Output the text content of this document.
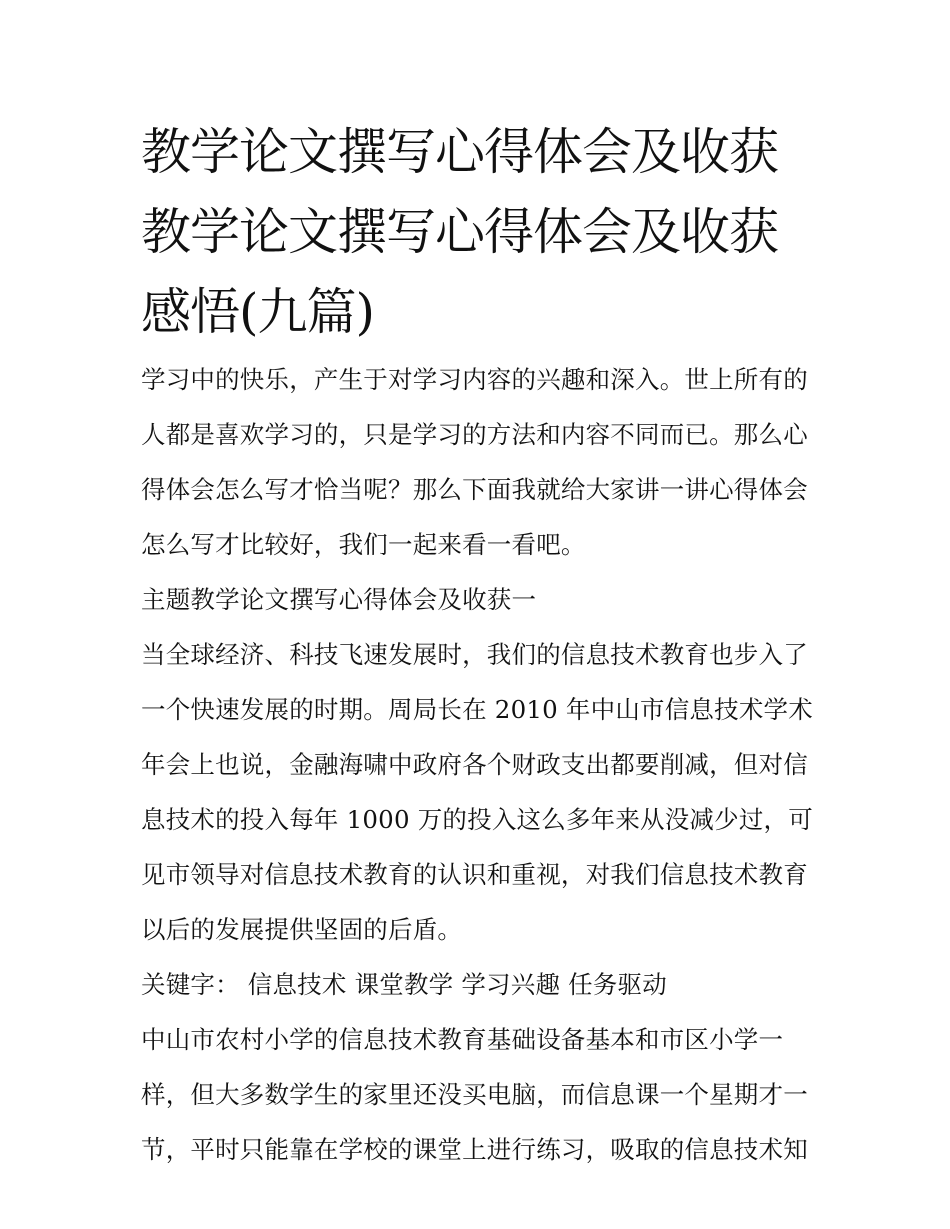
教学论文撰写心得体会及收获
教学论文撰写心得体会及收获
感悟(九篇)
学习中的快乐，产生于对学习内容的兴趣和深入。世上所有的
人都是喜欢学习的，只是学习的方法和内容不同而已。那么心
得体会怎么写才恰当呢？那么下面我就给大家讲一讲心得体会
怎么写才比较好，我们一起来看一看吧。
主题教学论文撰写心得体会及收获一
当全球经济、科技飞速发展时，我们的信息技术教育也步入了
一个快速发展的时期。周局长在 2010 年中山市信息技术学术
年会上也说，金融海啸中政府各个财政支出都要削减，但对信
息技术的投入每年 1000 万的投入这么多年来从没减少过，可
见市领导对信息技术教育的认识和重视，对我们信息技术教育
以后的发展提供坚固的后盾。
关键字： 信息技术 课堂教学 学习兴趣 任务驱动
中山市农村小学的信息技术教育基础设备基本和市区小学一
样，但大多数学生的家里还没买电脑，而信息课一个星期才一
节，平时只能靠在学校的课堂上进行练习，吸取的信息技术知
